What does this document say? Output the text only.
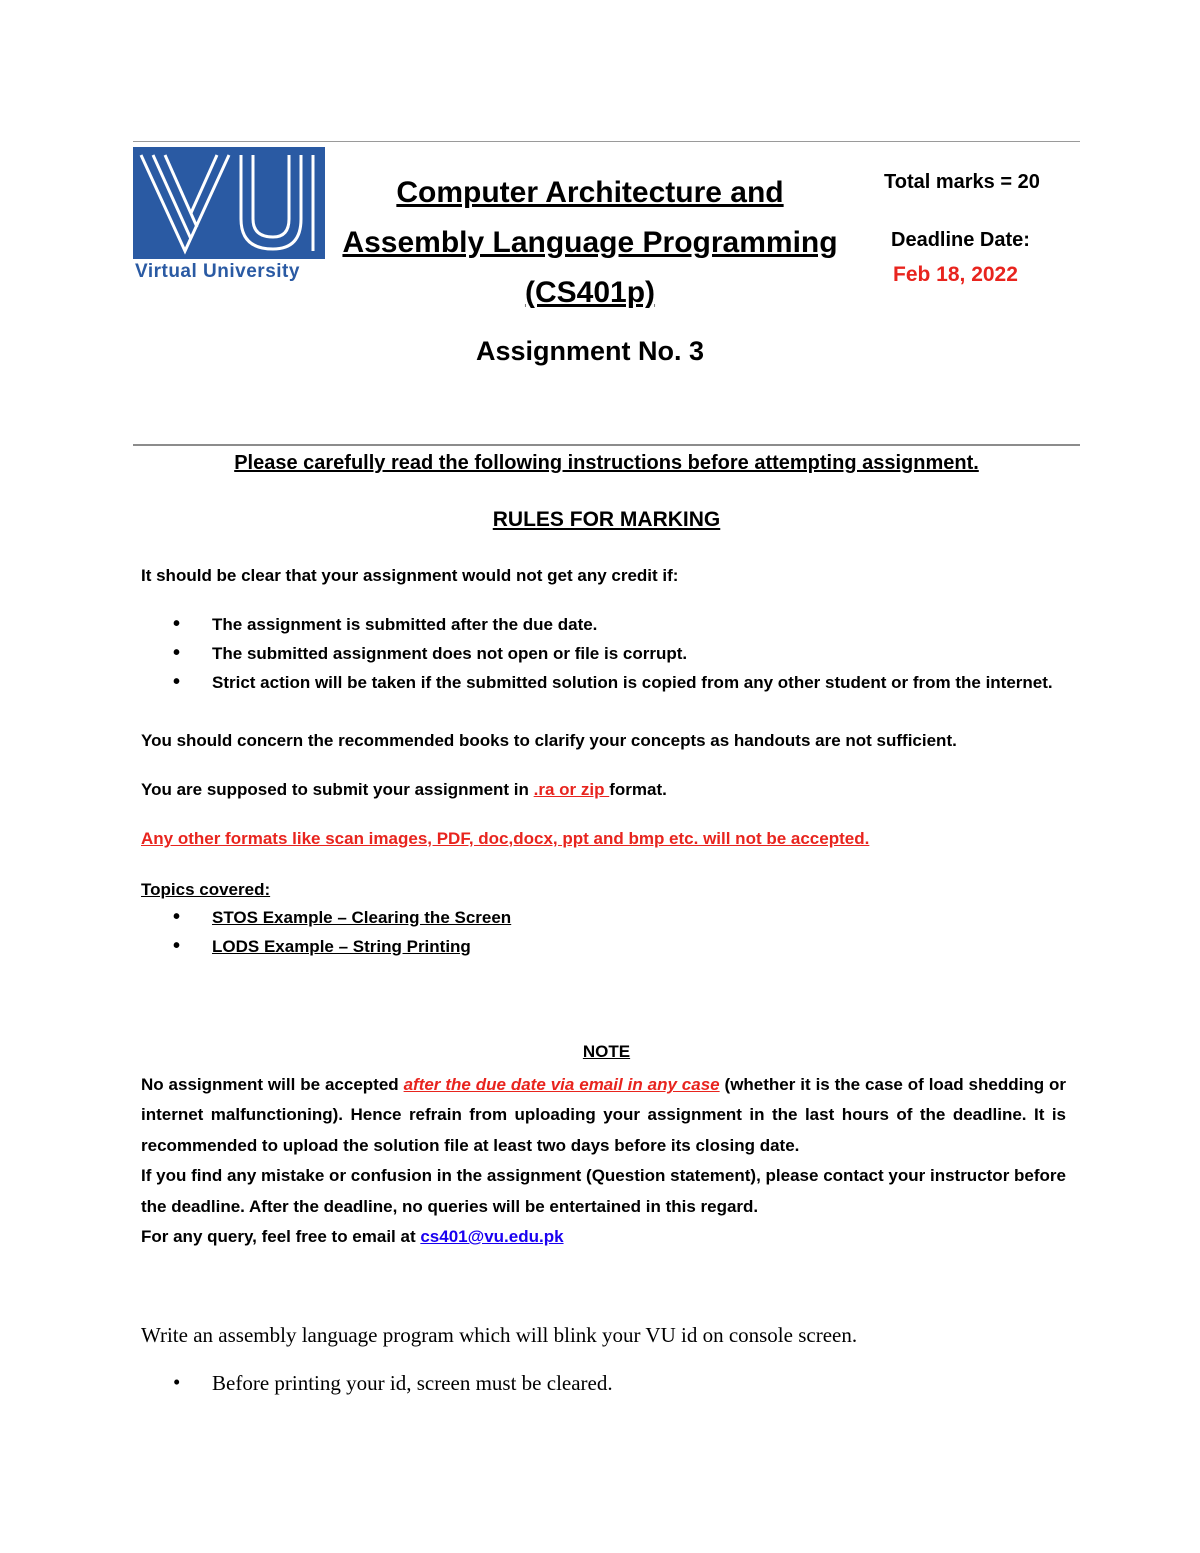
Virtual University
Computer Architecture and
Assembly Language Programming
(CS401p)
Total marks = 20
Deadline Date:
Feb 18, 2022
Assignment No. 3
Please carefully read the following instructions before attempting assignment.
RULES FOR MARKING
It should be clear that your assignment would not get any credit if:
• The assignment is submitted after the due date.
• The submitted assignment does not open or file is corrupt.
• Strict action will be taken if the submitted solution is copied from any other student or from the internet.
You should concern the recommended books to clarify your concepts as handouts are not sufficient.
You are supposed to submit your assignment in .ra or zip format.
Any other formats like scan images, PDF, doc,docx, ppt and bmp etc. will not be accepted.
Topics covered:
• STOS Example – Clearing the Screen
• LODS Example – String Printing
NOTE

No assignment will be accepted after the due date via email in any case (whether it is the case of load shedding or internet malfunctioning). Hence refrain from uploading your assignment in the last hours of the deadline. It is recommended to upload the solution file at least two days before its closing date.

If you find any mistake or confusion in the assignment (Question statement), please contact your instructor before the deadline. After the deadline, no queries will be entertained in this regard.

For any query, feel free to email at cs401@vu.edu.pk

Write an assembly language program which will blink your VU id on console screen.
• Before printing your id, screen must be cleared.
